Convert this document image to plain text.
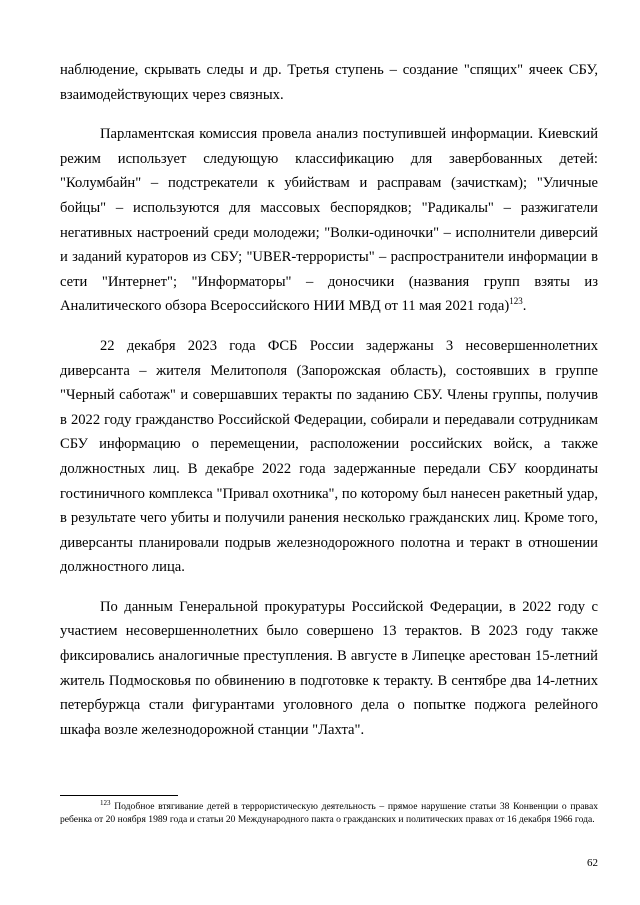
наблюдение, скрывать следы и др. Третья ступень – создание "спящих" ячеек СБУ, взаимодействующих через связных.

Парламентская комиссия провела анализ поступившей информации. Киевский режим использует следующую классификацию для завербованных детей: "Колумбайн" – подстрекатели к убийствам и расправам (зачисткам); "Уличные бойцы" – используются для массовых беспорядков; "Радикалы" – разжигатели негативных настроений среди молодежи; "Волки-одиночки" – исполнители диверсий и заданий кураторов из СБУ; "UBER-террористы" – распространители информации в сети "Интернет"; "Информаторы" – доносчики (названия групп взяты из Аналитического обзора Всероссийского НИИ МВД от 11 мая 2021 года)$^{123}$.

22 декабря 2023 года ФСБ России задержаны 3 несовершеннолетних диверсанта – жителя Мелитополя (Запорожская область), состоявших в группе "Черный саботаж" и совершавших теракты по заданию СБУ. Члены группы, получив в 2022 году гражданство Российской Федерации, собирали и передавали сотрудникам СБУ информацию о перемещении, расположении российских войск, а также должностных лиц. В декабре 2022 года задержанные передали СБУ координаты гостиничного комплекса "Привал охотника", по которому был нанесен ракетный удар, в результате чего убиты и получили ранения несколько гражданских лиц. Кроме того, диверсанты планировали подрыв железнодорожного полотна и теракт в отношении должностного лица.

По данным Генеральной прокуратуры Российской Федерации, в 2022 году с участием несовершеннолетних было совершено 13 терактов. В 2023 году также фиксировались аналогичные преступления. В августе в Липецке арестован 15-летний житель Подмосковья по обвинению в подготовке к теракту. В сентябре два 14-летних петербуржца стали фигурантами уголовного дела о попытке поджога релейного шкафа возле железнодорожной станции "Лахта".

$^{123}$ Подобное втягивание детей в террористическую деятельность – прямое нарушение статьи 38 Конвенции о правах ребенка от 20 ноября 1989 года и статьи 20 Международного пакта о гражданских и политических правах от 16 декабря 1966 года.

62
